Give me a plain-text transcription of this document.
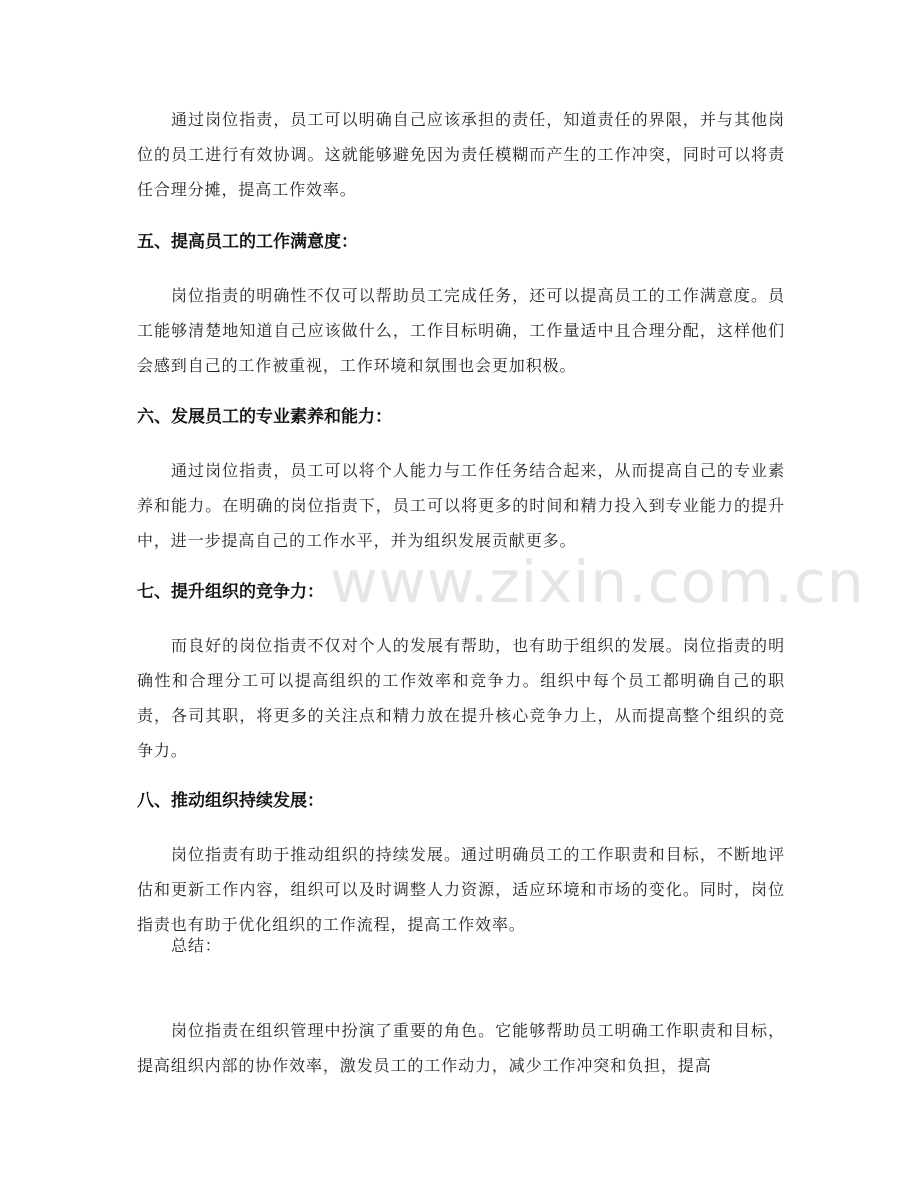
www.zixin.com.cn

通过岗位指责，员工可以明确自己应该承担的责任，知道责任的界限，并与其他岗位的员工进行有效协调。这就能够避免因为责任模糊而产生的工作冲突，同时可以将责任合理分摊，提高工作效率。

五、提高员工的工作满意度：

岗位指责的明确性不仅可以帮助员工完成任务，还可以提高员工的工作满意度。员工能够清楚地知道自己应该做什么，工作目标明确，工作量适中且合理分配，这样他们会感到自己的工作被重视，工作环境和氛围也会更加积极。

六、发展员工的专业素养和能力：

通过岗位指责，员工可以将个人能力与工作任务结合起来，从而提高自己的专业素养和能力。在明确的岗位指责下，员工可以将更多的时间和精力投入到专业能力的提升中，进一步提高自己的工作水平，并为组织发展贡献更多。

七、提升组织的竞争力：

而良好的岗位指责不仅对个人的发展有帮助，也有助于组织的发展。岗位指责的明确性和合理分工可以提高组织的工作效率和竞争力。组织中每个员工都明确自己的职责，各司其职，将更多的关注点和精力放在提升核心竞争力上，从而提高整个组织的竞争力。

八、推动组织持续发展：

岗位指责有助于推动组织的持续发展。通过明确员工的工作职责和目标，不断地评估和更新工作内容，组织可以及时调整人力资源，适应环境和市场的变化。同时，岗位指责也有助于优化组织的工作流程，提高工作效率。

总结：

岗位指责在组织管理中扮演了重要的角色。它能够帮助员工明确工作职责和目标，提高组织内部的协作效率，激发员工的工作动力，减少工作冲突和负担，提高
